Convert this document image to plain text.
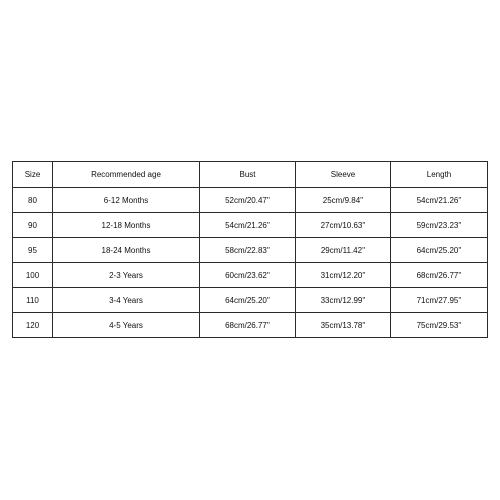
Size	Recommended age	Bust	Sleeve	Length
80	6-12 Months	52cm/20.47''	25cm/9.84''	54cm/21.26''
90	12-18 Months	54cm/21.26''	27cm/10.63''	59cm/23.23''
95	18-24 Months	58cm/22.83''	29cm/11.42''	64cm/25.20''
100	2-3 Years	60cm/23.62''	31cm/12.20''	68cm/26.77''
110	3-4 Years	64cm/25.20''	33cm/12.99''	71cm/27.95''
120	4-5 Years	68cm/26.77''	35cm/13.78''	75cm/29.53''
